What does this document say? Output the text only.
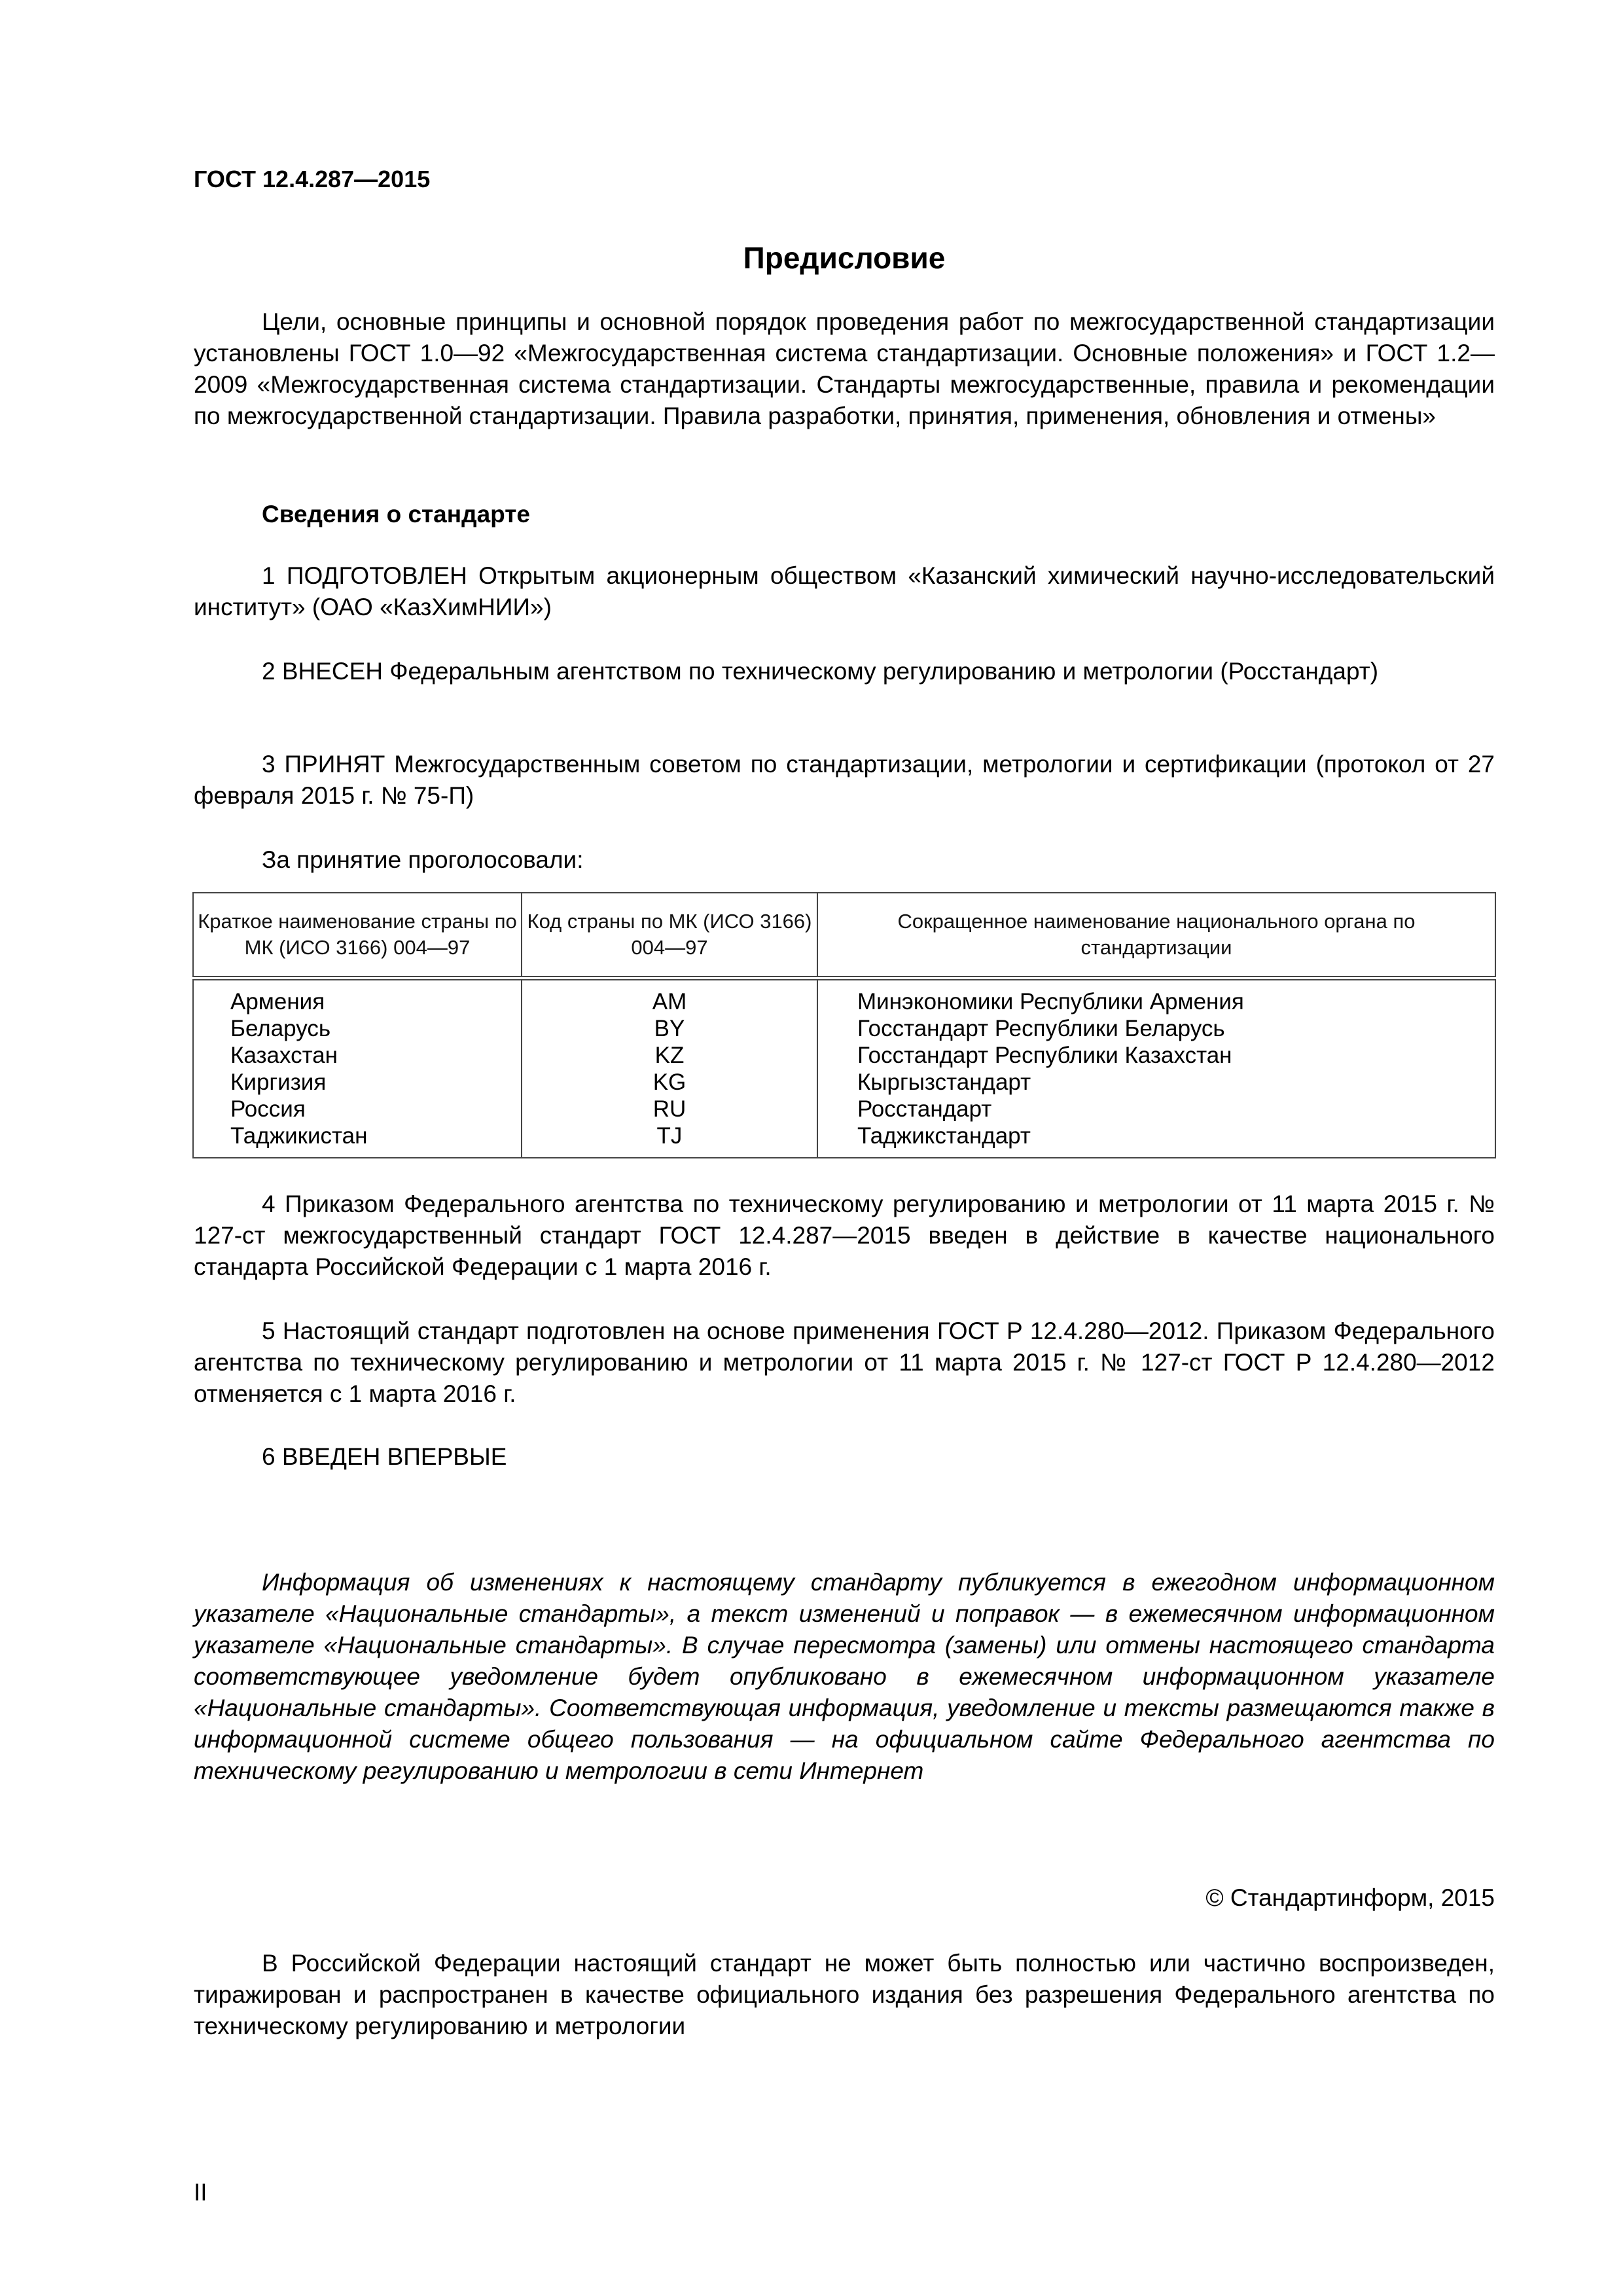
ГОСТ 12.4.287—2015

Предисловие

Цели, основные принципы и основной порядок проведения работ по межгосударственной стандартизации установлены ГОСТ 1.0—92 «Межгосударственная система стандартизации. Основные положения» и ГОСТ 1.2—2009 «Межгосударственная система стандартизации. Стандарты межгосударственные, правила и рекомендации по межгосударственной стандартизации. Правила разработки, принятия, применения, обновления и отмены»

Сведения о стандарте

1 ПОДГОТОВЛЕН Открытым акционерным обществом «Казанский химический научно-исследовательский институт» (ОАО «КазХимНИИ»)

2 ВНЕСЕН Федеральным агентством по техническому регулированию и метрологии (Росстандарт)

3 ПРИНЯТ Межгосударственным советом по стандартизации, метрологии и сертификации (протокол от 27 февраля 2015 г. № 75-П)

За принятие проголосовали:

Краткое наименование страны по МК (ИСО 3166) 004—97	Код страны по МК (ИСО 3166) 004—97	Сокращенное наименование национального органа по стандартизации
Армения	AM	Минэкономики Республики Армения
Беларусь	BY	Госстандарт Республики Беларусь
Казахстан	KZ	Госстандарт Республики Казахстан
Киргизия	KG	Кыргызстандарт
Россия	RU	Росстандарт
Таджикистан	TJ	Таджикстандарт

4 Приказом Федерального агентства по техническому регулированию и метрологии от 11 марта 2015 г. № 127-ст межгосударственный стандарт ГОСТ 12.4.287—2015 введен в действие в качестве национального стандарта Российской Федерации с 1 марта 2016 г.

5 Настоящий стандарт подготовлен на основе применения ГОСТ Р 12.4.280—2012. Приказом Федерального агентства по техническому регулированию и метрологии от 11 марта 2015 г. № 127-ст ГОСТ Р 12.4.280—2012 отменяется с 1 марта 2016 г.

6 ВВЕДЕН ВПЕРВЫЕ

Информация об изменениях к настоящему стандарту публикуется в ежегодном информационном указателе «Национальные стандарты», а текст изменений и поправок — в ежемесячном информационном указателе «Национальные стандарты». В случае пересмотра (замены) или отмены настоящего стандарта соответствующее уведомление будет опубликовано в ежемесячном информационном указателе «Национальные стандарты». Соответствующая информация, уведомление и тексты размещаются также в информационной системе общего пользования — на официальном сайте Федерального агентства по техническому регулированию и метрологии в сети Интернет

© Стандартинформ, 2015

В Российской Федерации настоящий стандарт не может быть полностью или частично воспроизведен, тиражирован и распространен в качестве официального издания без разрешения Федерального агентства по техническому регулированию и метрологии

II
